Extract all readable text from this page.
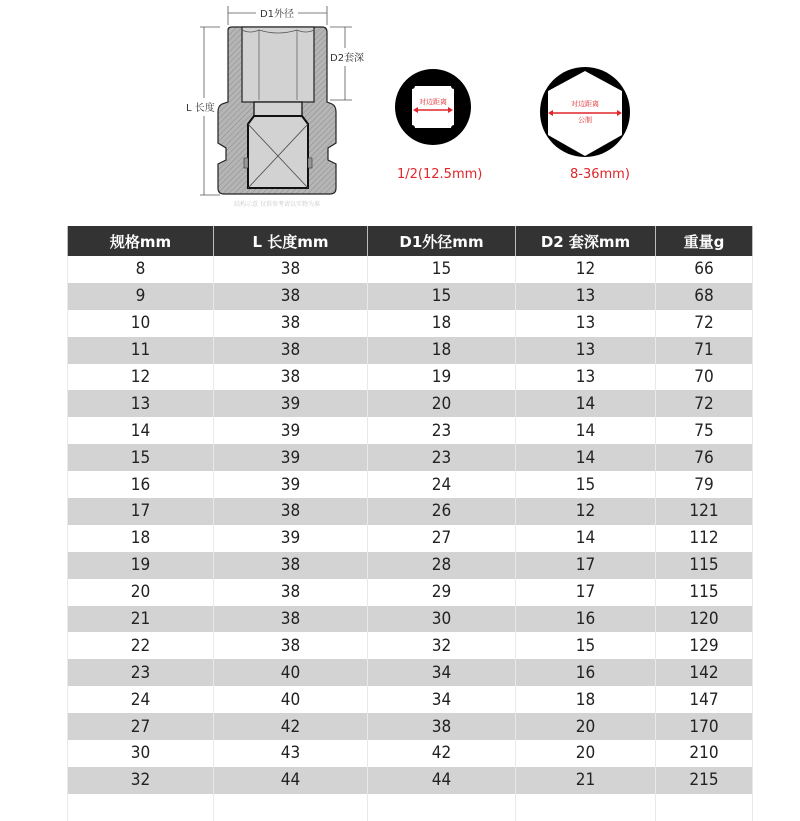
D1外径
D2套深
L 长度
结构示意 仅供参考请以实物为准
对边距离	对边距离
公制
1/2(12.5mm)	8-36mm)
规格mm	L 长度mm	D1外径mm	D2 套深mm	重量g
8	38	15	12	66
9	38	15	13	68
10	38	18	13	72
11	38	18	13	71
12	38	19	13	70
13	39	20	14	72
14	39	23	14	75
15	39	23	14	76
16	39	24	15	79
17	38	26	12	121
18	39	27	14	112
19	38	28	17	115
20	38	29	17	115
21	38	30	16	120
22	38	32	15	129
23	40	34	16	142
24	40	34	18	147
27	42	38	20	170
30	43	42	20	210
32	44	44	21	215
